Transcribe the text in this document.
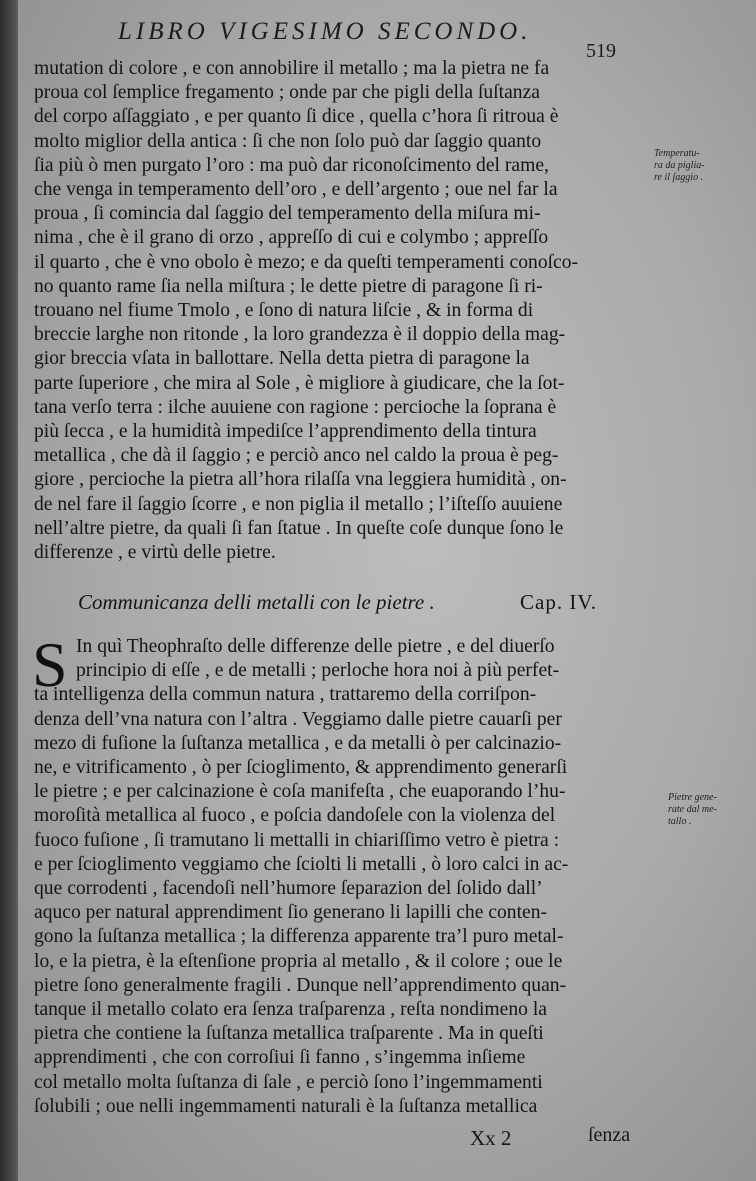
LIBRO VIGESIMO SECONDO.
519

mutation di colore , e con annobilire il metallo ; ma la pietra ne fa
proua col ſemplice fregamento ; onde par che pigli della ſuſtanza
del corpo aſſaggiato , e per quanto ſi dice , quella c’hora ſi ritroua è
molto miglior della antica : ſi che non ſolo può dar ſaggio quanto
ſia più ò men purgato l’oro : ma può dar riconoſcimento del rame,
che venga in temperamento dell’oro , e dell’argento ; oue nel far la
proua , ſi comincia dal ſaggio del temperamento della miſura mi-
nima , che è il grano di orzo , appreſſo di cui e colymbo ; appreſſo
il quarto , che è vno obolo è mezo; e da queſti temperamenti conoſco-
no quanto rame ſia nella miſtura ; le dette pietre di paragone ſi ri-
trouano nel fiume Tmolo , e ſono di natura liſcie , & in forma di
breccie larghe non ritonde , la loro grandezza è il doppio della mag-
gior breccia vſata in ballottare. Nella detta pietra di paragone la
parte ſuperiore , che mira al Sole , è migliore à giudicare, che la ſot-
tana verſo terra : ilche auuiene con ragione : percioche la ſoprana è
più ſecca , e la humidità impediſce l’apprendimento della tintura
metallica , che dà il ſaggio ; e perciò anco nel caldo la proua è peg-
giore , percioche la pietra all’hora rilaſſa vna leggiera humidità , on-
de nel fare il ſaggio ſcorre , e non piglia il metallo ; l’iſteſſo auuiene
nell’altre pietre, da quali ſi fan ſtatue . In queſte coſe dunque ſono le
differenze , e virtù delle pietre.

Temperatu-
ra da piglia-
re il ſaggio .
Communicanza delli metalli con le pietre .	Cap. IV.
S In quì Theophraſto delle differenze delle pietre , e del diuerſo
principio di eſſe , e de metalli ; perloche hora noi à più perfet-
ta intelligenza della commun natura , trattaremo della corriſpon-
denza dell’vna natura con l’altra . Veggiamo dalle pietre cauarſi per
mezo di fuſione la ſuſtanza metallica , e da metalli ò per calcinazio-
ne, e vitrificamento , ò per ſcioglimento, & apprendimento generarſi
le pietre ; e per calcinazione è coſa manifeſta , che euaporando l’hu-
moroſità metallica al fuoco , e poſcia dandoſele con la violenza del
fuoco fuſione , ſi tramutano li mettalli in chiariſſimo vetro è pietra :
e per ſcioglimento veggiamo che ſciolti li metalli , ò loro calci in ac-
que corrodenti , facendoſi nell’humore ſeparazion del ſolido dall’
aquco per natural apprendiment ſio generano li lapilli che conten-
gono la ſuſtanza metallica ; la differenza apparente tra’l puro metal-
lo, e la pietra, è la eſtenſione propria al metallo , & il colore ; oue le
pietre ſono generalmente fragili . Dunque nell’apprendimento quan-
tanque il metallo colato era ſenza traſparenza , reſta nondimeno la
pietra che contiene la ſuſtanza metallica traſparente . Ma in queſti
apprendimenti , che con corroſiui ſi fanno , s’ingemma inſieme
col metallo molta ſuſtanza di ſale , e perciò ſono l’ingemmamenti
ſolubili ; oue nelli ingemmamenti naturali è la ſuſtanza metallica

Pietre gene-
rate dal me-
tallo .
Xx 2	ſenza
